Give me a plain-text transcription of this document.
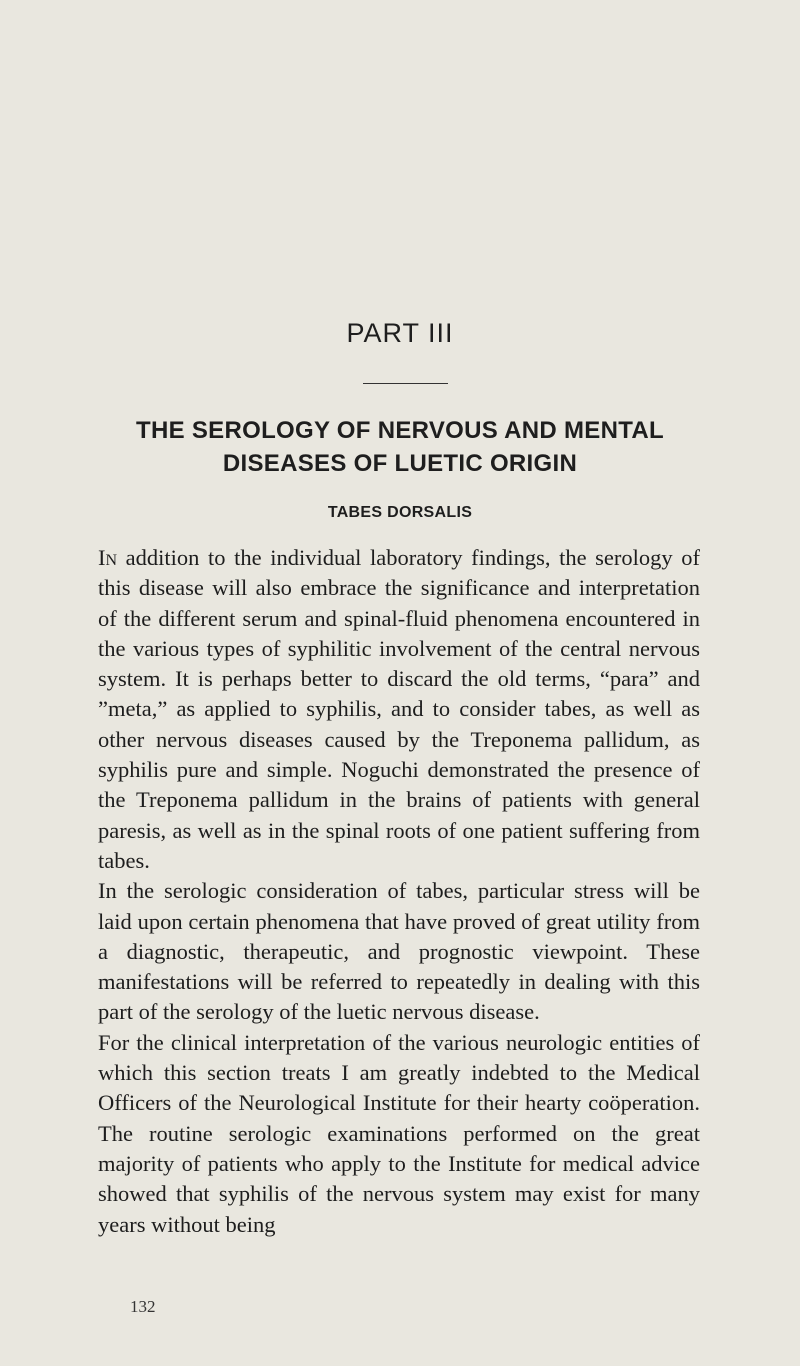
PART III
THE SEROLOGY OF NERVOUS AND MENTAL
DISEASES OF LUETIC ORIGIN
TABES DORSALIS

In addition to the individual laboratory findings, the serology of this disease will also embrace the significance and interpretation of the different serum and spinal-fluid phenomena encountered in the various types of syphilitic involvement of the central nervous system. It is perhaps better to discard the old terms, “para” and ”meta,” as applied to syphilis, and to consider tabes, as well as other nervous diseases caused by the Treponema pallidum, as syphilis pure and simple. Noguchi demonstrated the presence of the Treponema pallidum in the brains of patients with general paresis, as well as in the spinal roots of one patient suffering from tabes.

In the serologic consideration of tabes, particular stress will be laid upon certain phenomena that have proved of great utility from a diagnostic, therapeutic, and prognostic viewpoint. These manifestations will be referred to repeatedly in dealing with this part of the serology of the luetic nervous disease.

For the clinical interpretation of the various neurologic entities of which this section treats I am greatly indebted to the Medical Officers of the Neurological Institute for their hearty coöperation. The routine serologic examinations performed on the great majority of patients who apply to the Institute for medical advice showed that syphilis of the nervous system may exist for many years without being

132
